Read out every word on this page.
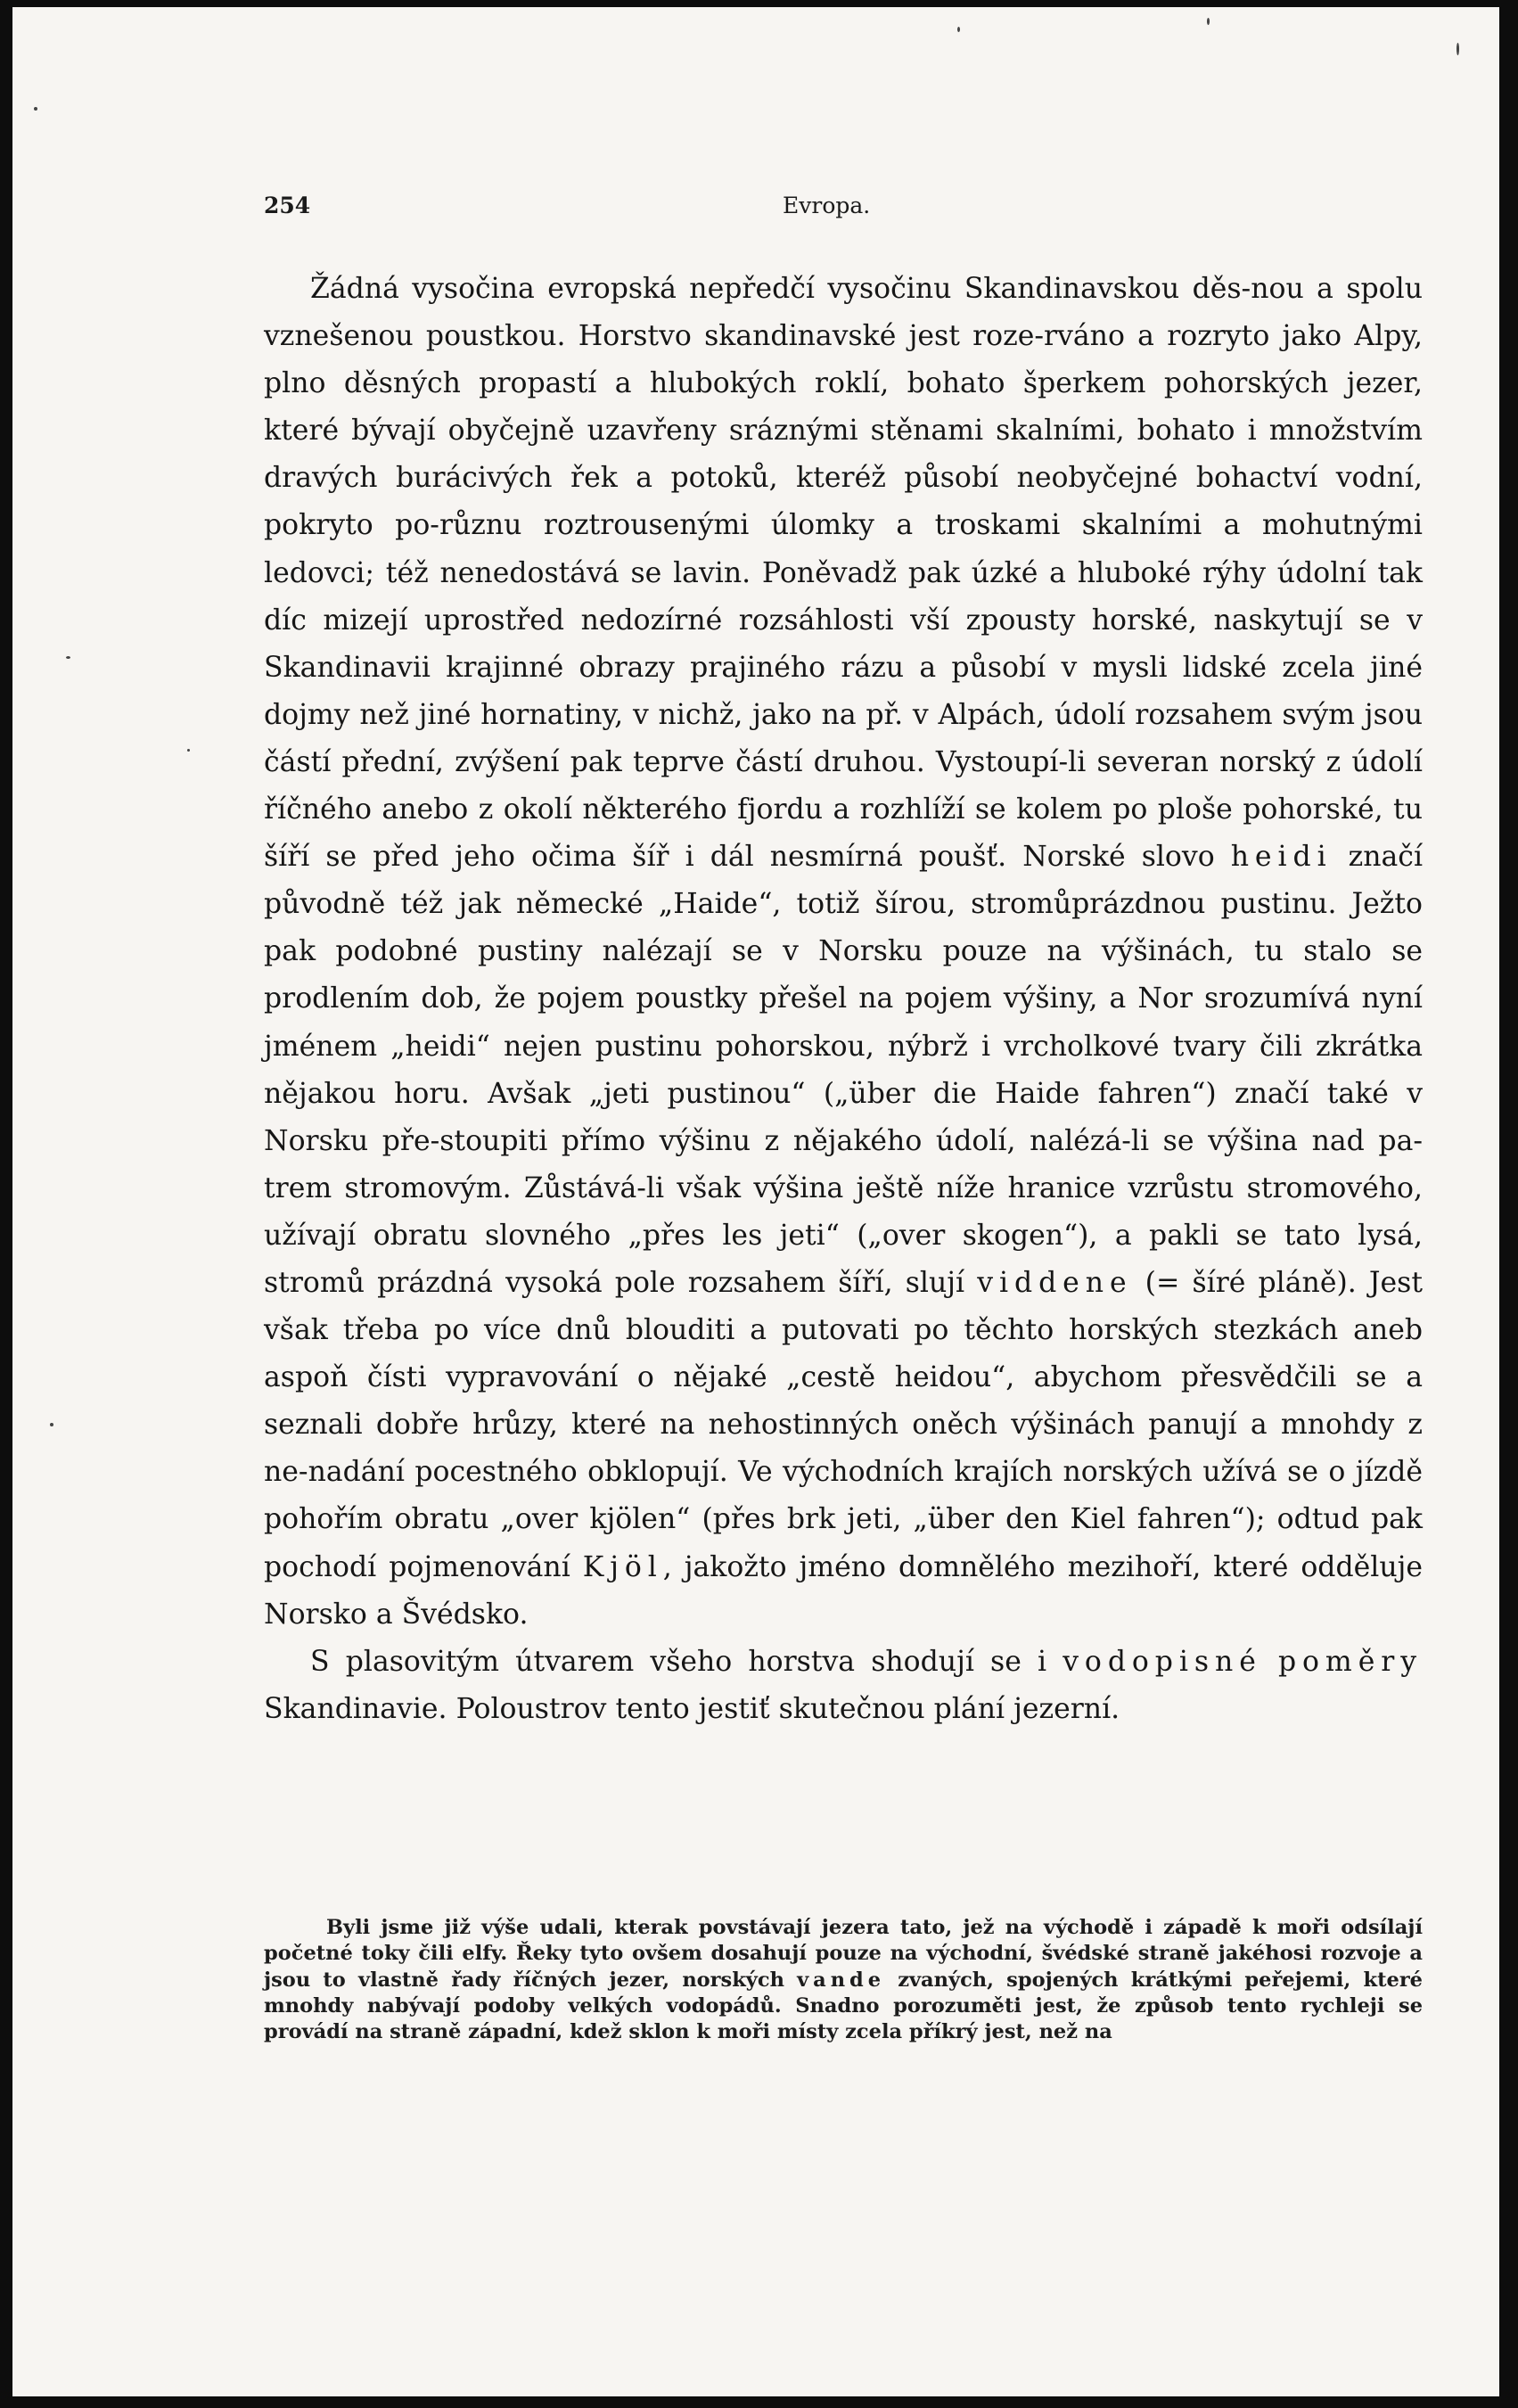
254	Evropa.

Žádná vysočina evropská nepředčí vysočinu Skandinavskou děs-nou a spolu vznešenou poustkou. Horstvo skandinavské jest roze-rváno a rozryto jako Alpy, plno děsných propastí a hlubokých roklí, bohato šperkem pohorských jezer, které bývají obyčejně uzavřeny sráznými stěnami skalními, bohato i množstvím dravých burácivých řek a potoků, kteréž působí neobyčejné bohactví vodní, pokryto po-různu roztrousenými úlomky a troskami skalními a mohutnými ledovci; též nenedostává se lavin. Poněvadž pak úzké a hluboké rýhy údolní tak díc mizejí uprostřed nedozírné rozsáhlosti vší zpousty horské, naskytují se v Skandinavii krajinné obrazy prajiného rázu a působí v mysli lidské zcela jiné dojmy než jiné hornatiny, v nichž, jako na př. v Alpách, údolí rozsahem svým jsou částí přední, zvýšení pak teprve částí druhou. Vystoupí-li severan norský z údolí říčného anebo z okolí některého fjordu a rozhlíží se kolem po ploše pohorské, tu šíří se před jeho očima šíř i dál nesmírná poušť. Norské slovo heidi značí původně též jak německé „Haide“, totiž šírou, stromůprázdnou pustinu. Ježto pak podobné pustiny nalézají se v Norsku pouze na výšinách, tu stalo se prodlením dob, že pojem poustky přešel na pojem výšiny, a Nor srozumívá nyní jménem „heidi“ nejen pustinu pohorskou, nýbrž i vrcholkové tvary čili zkrátka nějakou horu. Avšak „jeti pustinou“ („über die Haide fahren“) značí také v Norsku pře-stoupiti přímo výšinu z nějakého údolí, nalézá-li se výšina nad pa-trem stromovým. Zůstává-li však výšina ještě níže hranice vzrůstu stromového, užívají obratu slovného „přes les jeti“ („over skogen“), a pakli se tato lysá, stromů prázdná vysoká pole rozsahem šíří, slují viddene (= šíré pláně). Jest však třeba po více dnů blouditi a putovati po těchto horských stezkách aneb aspoň čísti vypravování o nějaké „cestě heidou“, abychom přesvědčili se a seznali dobře hrůzy, které na nehostinných oněch výšinách panují a mnohdy z ne-nadání pocestného obklopují. Ve východních krajích norských užívá se o jízdě pohořím obratu „over kjölen“ (přes brk jeti, „über den Kiel fahren“); odtud pak pochodí pojmenování Kjöl, jakožto jméno domnělého mezihoří, které odděluje Norsko a Švédsko.

S plasovitým útvarem všeho horstva shodují se i vodopisné poměry Skandinavie. Poloustrov tento jestiť skutečnou plání jezerní.

Byli jsme již výše udali, kterak povstávají jezera tato, jež na východě i západě k moři odsílají početné toky čili elfy. Řeky tyto ovšem dosahují pouze na východní, švédské straně jakéhosi rozvoje a jsou to vlastně řady říčných jezer, norských vande zvaných, spojených krátkými peřejemi, které mnohdy nabývají podoby velkých vodopádů. Snadno porozuměti jest, že způsob tento rychleji se provádí na straně západní, kdež sklon k moři místy zcela příkrý jest, než na
